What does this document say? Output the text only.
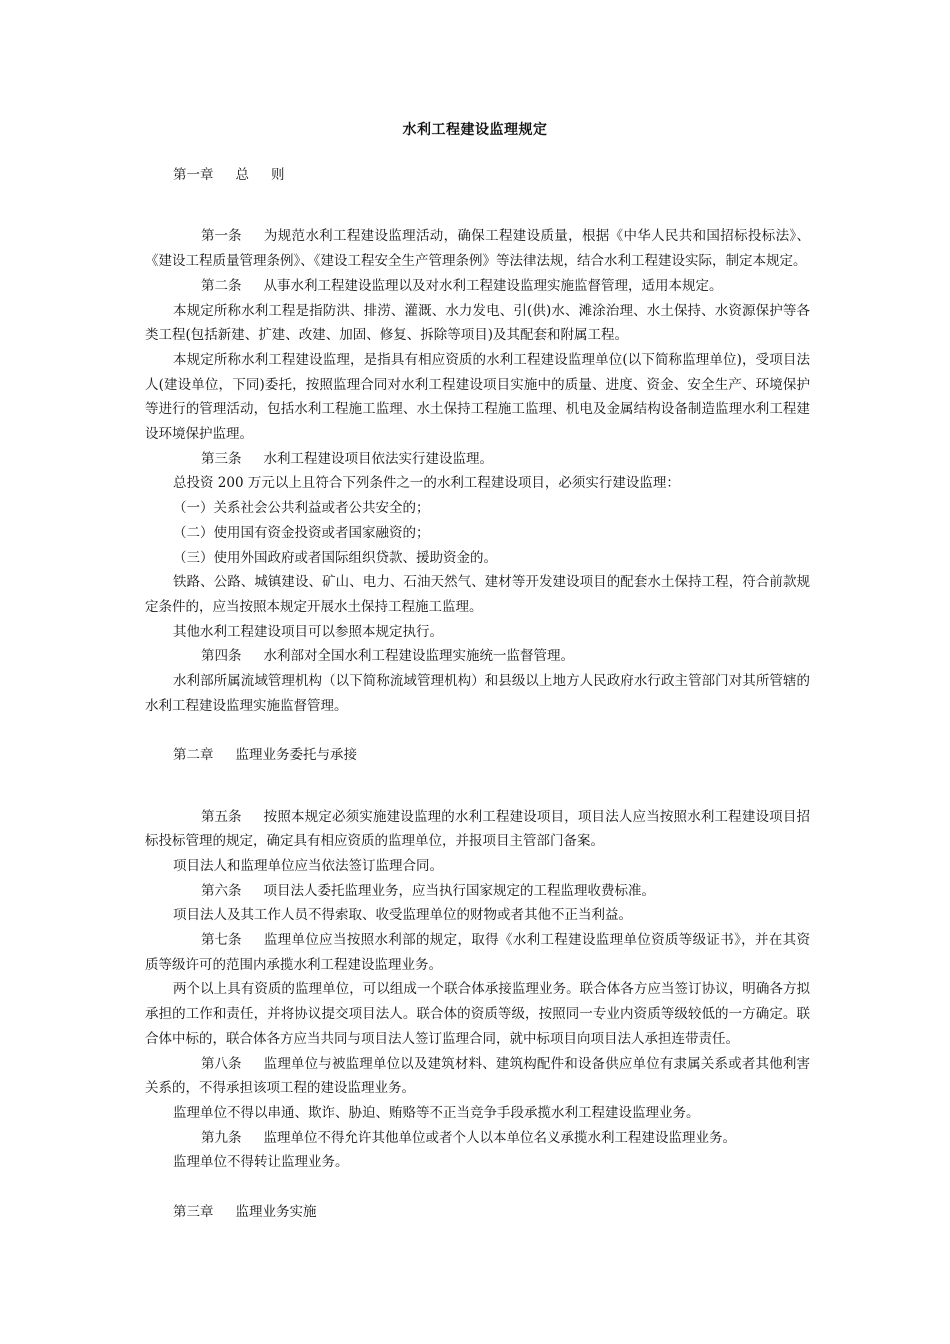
水利工程建设监理规定

第一章 总 则

第一条 为规范水利工程建设监理活动，确保工程建设质量，根据《中华人民共和国招标投标法》、《建设工程质量管理条例》、《建设工程安全生产管理条例》等法律法规，结合水利工程建设实际，制定本规定。

第二条 从事水利工程建设监理以及对水利工程建设监理实施监督管理，适用本规定。

本规定所称水利工程是指防洪、排涝、灌溉、水力发电、引(供)水、滩涂治理、水土保持、水资源保护等各类工程(包括新建、扩建、改建、加固、修复、拆除等项目)及其配套和附属工程。

本规定所称水利工程建设监理，是指具有相应资质的水利工程建设监理单位(以下简称监理单位)，受项目法人(建设单位，下同)委托，按照监理合同对水利工程建设项目实施中的质量、进度、资金、安全生产、环境保护等进行的管理活动，包括水利工程施工监理、水土保持工程施工监理、机电及金属结构设备制造监理水利工程建设环境保护监理。

第三条 水利工程建设项目依法实行建设监理。

总投资 200 万元以上且符合下列条件之一的水利工程建设项目，必须实行建设监理：

（一）关系社会公共利益或者公共安全的；

（二）使用国有资金投资或者国家融资的；

（三）使用外国政府或者国际组织贷款、援助资金的。

铁路、公路、城镇建设、矿山、电力、石油天然气、建材等开发建设项目的配套水土保持工程，符合前款规定条件的，应当按照本规定开展水土保持工程施工监理。

其他水利工程建设项目可以参照本规定执行。

第四条 水利部对全国水利工程建设监理实施统一监督管理。

水利部所属流域管理机构（以下简称流域管理机构）和县级以上地方人民政府水行政主管部门对其所管辖的水利工程建设监理实施监督管理。

第二章 监理业务委托与承接

第五条 按照本规定必须实施建设监理的水利工程建设项目，项目法人应当按照水利工程建设项目招标投标管理的规定，确定具有相应资质的监理单位，并报项目主管部门备案。

项目法人和监理单位应当依法签订监理合同。

第六条 项目法人委托监理业务，应当执行国家规定的工程监理收费标准。

项目法人及其工作人员不得索取、收受监理单位的财物或者其他不正当利益。

第七条 监理单位应当按照水利部的规定，取得《水利工程建设监理单位资质等级证书》，并在其资质等级许可的范围内承揽水利工程建设监理业务。

两个以上具有资质的监理单位，可以组成一个联合体承接监理业务。联合体各方应当签订协议，明确各方拟承担的工作和责任，并将协议提交项目法人。联合体的资质等级，按照同一专业内资质等级较低的一方确定。联合体中标的，联合体各方应当共同与项目法人签订监理合同，就中标项目向项目法人承担连带责任。

第八条 监理单位与被监理单位以及建筑材料、建筑构配件和设备供应单位有隶属关系或者其他利害关系的，不得承担该项工程的建设监理业务。

监理单位不得以串通、欺诈、胁迫、贿赂等不正当竞争手段承揽水利工程建设监理业务。

第九条 监理单位不得允许其他单位或者个人以本单位名义承揽水利工程建设监理业务。

监理单位不得转让监理业务。

第三章 监理业务实施
